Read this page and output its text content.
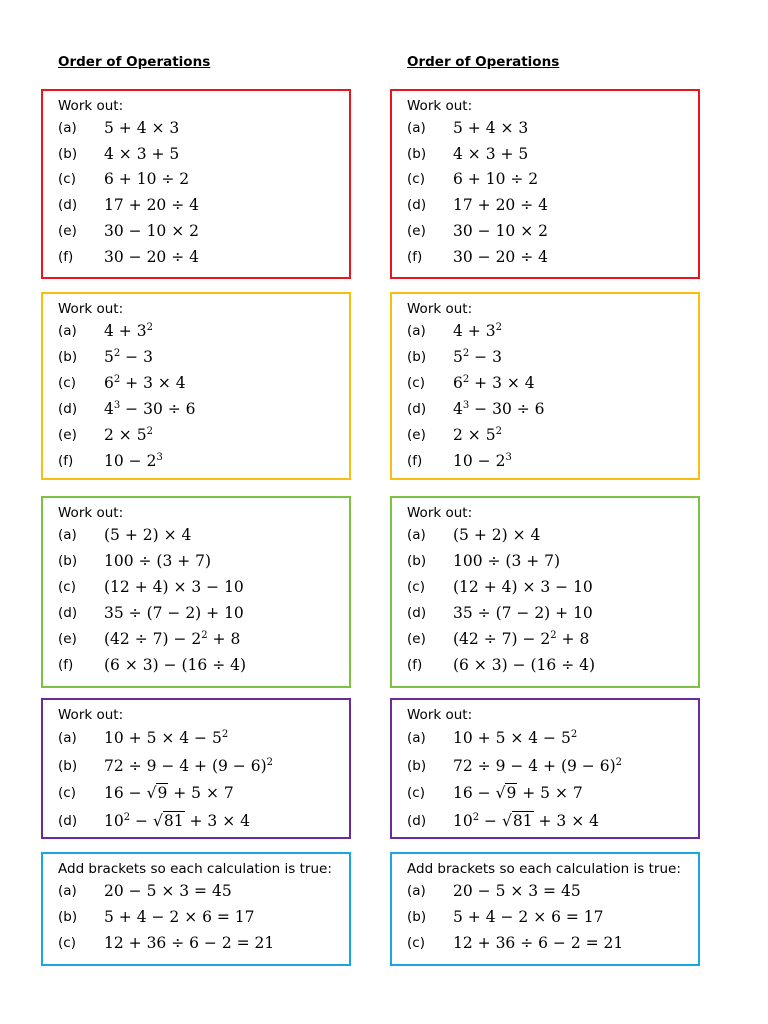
Order of Operations
Work out:
(a)	5 + 4 × 3
(b)	4 × 3 + 5
(c)	6 + 10 ÷ 2
(d)	17 + 20 ÷ 4
(e)	30 − 10 × 2
(f)	30 − 20 ÷ 4
Work out:
(a)	$4 + 3^2$
(b)	$5^2 - 3$
(c)	$6^2 + 3 \times 4$
(d)	$4^3 - 30 \div 6$
(e)	$2 \times 5^2$
(f)	$10 - 2^3$
Work out:
(a)	(5 + 2) × 4
(b)	100 ÷ (3 + 7)
(c)	(12 + 4) × 3 − 10
(d)	35 ÷ (7 − 2) + 10
(e)	$(42 \div 7) - 2^2 + 8$
(f)	(6 × 3) − (16 ÷ 4)
Work out:
(a)	$10 + 5 \times 4 - 5^2$
(b)	$72 \div 9 - 4 + (9 - 6)^2$
(c)	16 − √9 + 5 × 7
(d)	$10^2 - √81 + 3 \times 4$
Add brackets so each calculation is true:
(a)	20 − 5 × 3 = 45
(b)	5 + 4 − 2 × 6 = 17
(c)	12 + 36 ÷ 6 − 2 = 21
Order of Operations
Work out:
(a)	5 + 4 × 3
(b)	4 × 3 + 5
(c)	6 + 10 ÷ 2
(d)	17 + 20 ÷ 4
(e)	30 − 10 × 2
(f)	30 − 20 ÷ 4
Work out:
(a)	$4 + 3^2$
(b)	$5^2 - 3$
(c)	$6^2 + 3 \times 4$
(d)	$4^3 - 30 \div 6$
(e)	$2 \times 5^2$
(f)	$10 - 2^3$
Work out:
(a)	(5 + 2) × 4
(b)	100 ÷ (3 + 7)
(c)	(12 + 4) × 3 − 10
(d)	35 ÷ (7 − 2) + 10
(e)	$(42 \div 7) - 2^2 + 8$
(f)	(6 × 3) − (16 ÷ 4)
Work out:
(a)	$10 + 5 \times 4 - 5^2$
(b)	$72 \div 9 - 4 + (9 - 6)^2$
(c)	16 − √9 + 5 × 7
(d)	$10^2 - √81 + 3 \times 4$
Add brackets so each calculation is true:
(a)	20 − 5 × 3 = 45
(b)	5 + 4 − 2 × 6 = 17
(c)	12 + 36 ÷ 6 − 2 = 21
